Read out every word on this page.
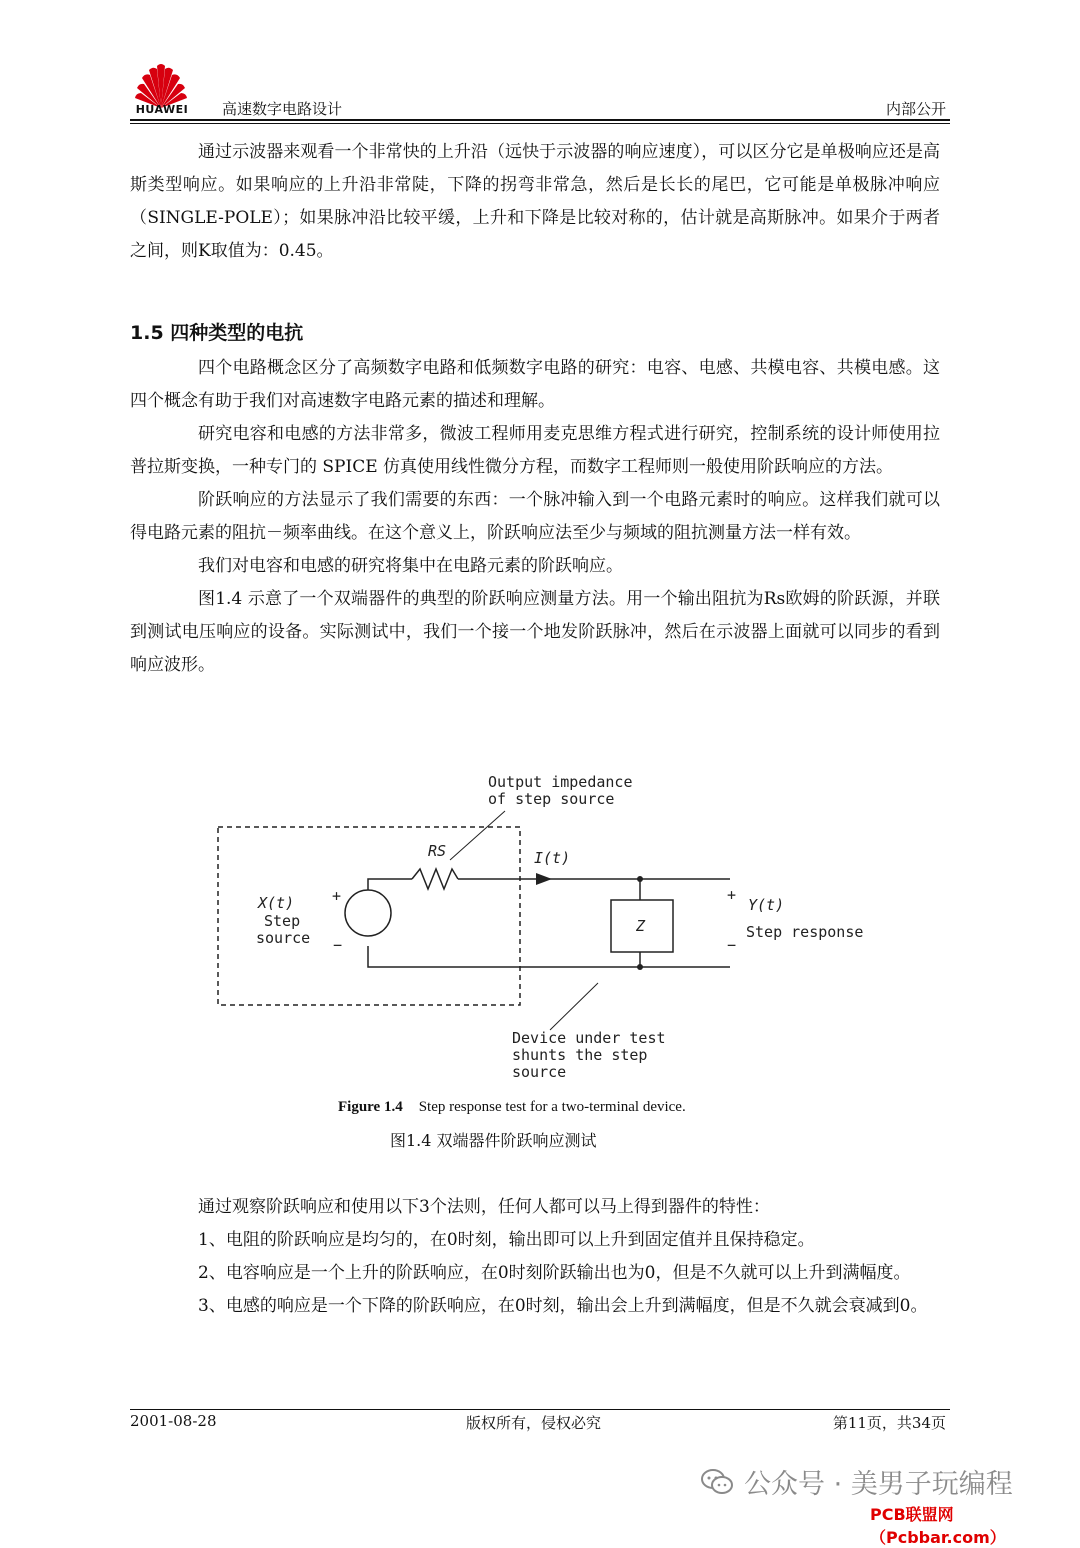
HUAWEI	高速数字电路设计	内部公开

通过示波器来观看一个非常快的上升沿（远快于示波器的响应速度），可以区分它是单极响应还是高斯类型响应。如果响应的上升沿非常陡，下降的拐弯非常急，然后是长长的尾巴，它可能是单极脉冲响应（SINGLE-POLE）；如果脉冲沿比较平缓，上升和下降是比较对称的，估计就是高斯脉冲。如果介于两者之间，则K取值为：0.45。

1.5 四种类型的电抗

四个电路概念区分了高频数字电路和低频数字电路的研究：电容、电感、共模电容、共模电感。这四个概念有助于我们对高速数字电路元素的描述和理解。

研究电容和电感的方法非常多，微波工程师用麦克思维方程式进行研究，控制系统的设计师使用拉普拉斯变换，一种专门的 SPICE 仿真使用线性微分方程，而数字工程师则一般使用阶跃响应的方法。

阶跃响应的方法显示了我们需要的东西：一个脉冲输入到一个电路元素时的响应。这样我们就可以得电路元素的阻抗－频率曲线。在这个意义上，阶跃响应法至少与频域的阻抗测量方法一样有效。

我们对电容和电感的研究将集中在电路元素的阶跃响应。

图1.4 示意了一个双端器件的典型的阶跃响应测量方法。用一个输出阻抗为Rs欧姆的阶跃源，并联到测试电压响应的设备。实际测试中，我们一个接一个地发阶跃脉冲，然后在示波器上面就可以同步的看到响应波形。

Output impedance
of step source
RS	I(t)
X(t)
Step
source
+
−
Z
+
−
Y(t)
Step response
Device under test
shunts the step
source
Figure 1.4 Step response test for a two-terminal device.
图1.4 双端器件阶跃响应测试

通过观察阶跃响应和使用以下3个法则，任何人都可以马上得到器件的特性：

1、电阻的阶跃响应是均匀的，在0时刻，输出即可以上升到固定值并且保持稳定。

2、电容响应是一个上升的阶跃响应，在0时刻阶跃输出也为0，但是不久就可以上升到满幅度。

3、电感的响应是一个下降的阶跃响应，在0时刻，输出会上升到满幅度，但是不久就会衰减到0。

2001-08-28	版权所有，侵权必究	第11页，共34页
公众号 · 美男子玩编程
PCB联盟网（Pcbbar.com）
